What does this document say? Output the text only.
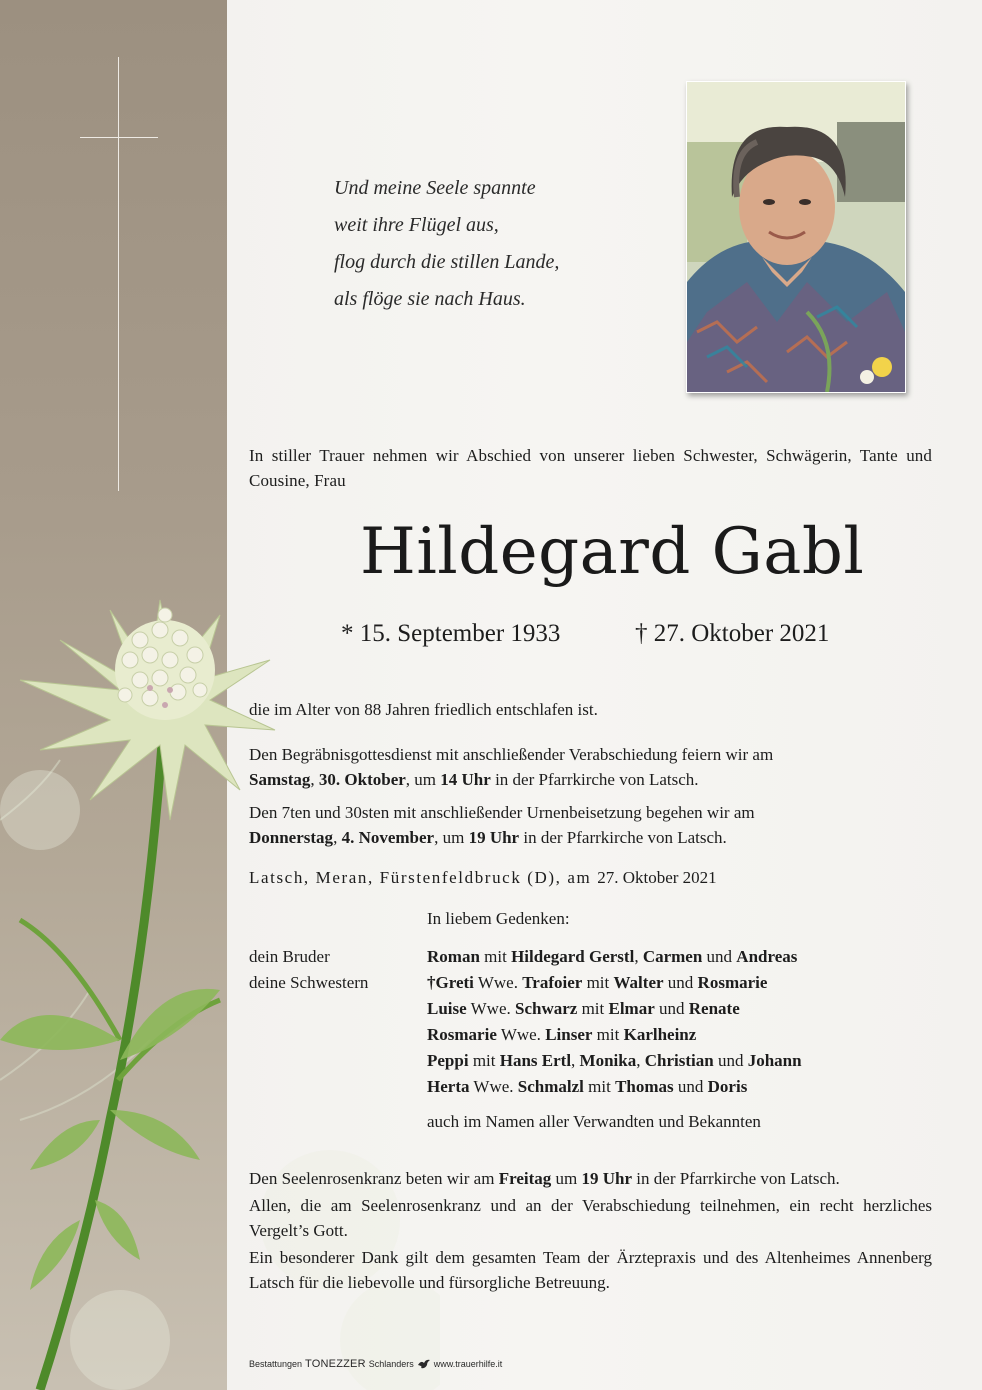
Und meine Seele spannte
weit ihre Flügel aus,
flog durch die stillen Lande,
als flöge sie nach Haus.
In stiller Trauer nehmen wir Abschied von unserer lieben Schwester, Schwägerin, Tante und Cousine, Frau
Hildegard Gabl
* 15. September 1933	† 27. Oktober 2021
die im Alter von 88 Jahren friedlich entschlafen ist.
Den Begräbnisgottesdienst mit anschließender Verabschiedung feiern wir am
Samstag, 30. Oktober, um 14 Uhr in der Pfarrkirche von Latsch.
Den 7ten und 30sten mit anschließender Urnenbeisetzung begehen wir am
Donnerstag, 4. November, um 19 Uhr in der Pfarrkirche von Latsch.
Latsch, Meran, Fürstenfeldbruck (D), am 27. Oktober 2021
In liebem Gedenken:
dein Bruder
deine Schwestern
Roman mit Hildegard Gerstl, Carmen und Andreas
†Greti Wwe. Trafoier mit Walter und Rosmarie
Luise Wwe. Schwarz mit Elmar und Renate
Rosmarie Wwe. Linser mit Karlheinz
Peppi mit Hans Ertl, Monika, Christian und Johann
Herta Wwe. Schmalzl mit Thomas und Doris
auch im Namen aller Verwandten und Bekannten
Den Seelenrosenkranz beten wir am Freitag um 19 Uhr in der Pfarrkirche von Latsch.
Allen, die am Seelenrosenkranz und an der Verabschiedung teilnehmen, ein recht herzliches Vergelt’s Gott.
Ein besonderer Dank gilt dem gesamten Team der Ärztepraxis und des Altenheimes Annenberg Latsch für die liebevolle und fürsorgliche Betreuung.
Bestattungen TONEZZER Schlanders www.trauerhilfe.it
